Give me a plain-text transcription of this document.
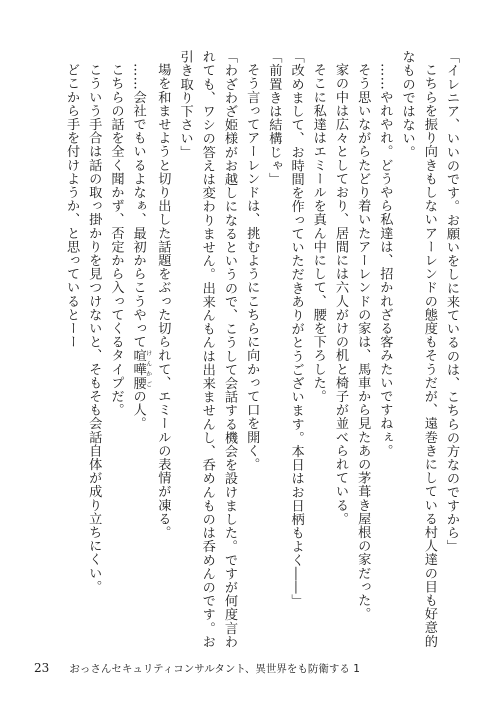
「イレニア、いいのです。お願いをしに来ているのは、こちらの方なのですから」
こちらを振り向きもしないアーレンドの態度もそうだが、遠巻きにしている村人達の目も好意的
なものではない。
……やれやれ。どうやら私達は、招かれざる客みたいですねぇ。
そう思いながらたどり着いたアーレンドの家は、馬車から見たあの茅葺き屋根の家だった。
家の中は広々としており、居間には六人がけの机と椅子が並べられている。
そこに私達はエミールを真ん中にして、腰を下ろした。
「改めまして、お時間を作っていただきありがとうございます。本日はお日柄もよく――」
「前置きは結構じゃ」
そう言ってアーレンドは、挑むようにこちらに向かって口を開く。
「わざわざ姫様がお越しになるというので、こうして会話する機会を設けました。ですが何度言わ
れても、ワシの答えは変わりません。出来んもんは出来ませんし、呑めんものは呑めんのです。お
引き取り下さい」
場を和ませようと切り出した話題をぶった切られて、エミールの表情が凍る。
……会社でもいるよなぁ、最初からこうやって喧嘩腰 けんかごの人。
こちらの話を全く聞かず、否定から入ってくるタイプだ。
こういう手合は話の取っ掛かりを見つけないと、そもそも会話自体が成り立ちにくい。
どこから手を付けようか、と思っているとーー
23 おっさんセキュリティコンサルタント、異世界をも防衛する 1
